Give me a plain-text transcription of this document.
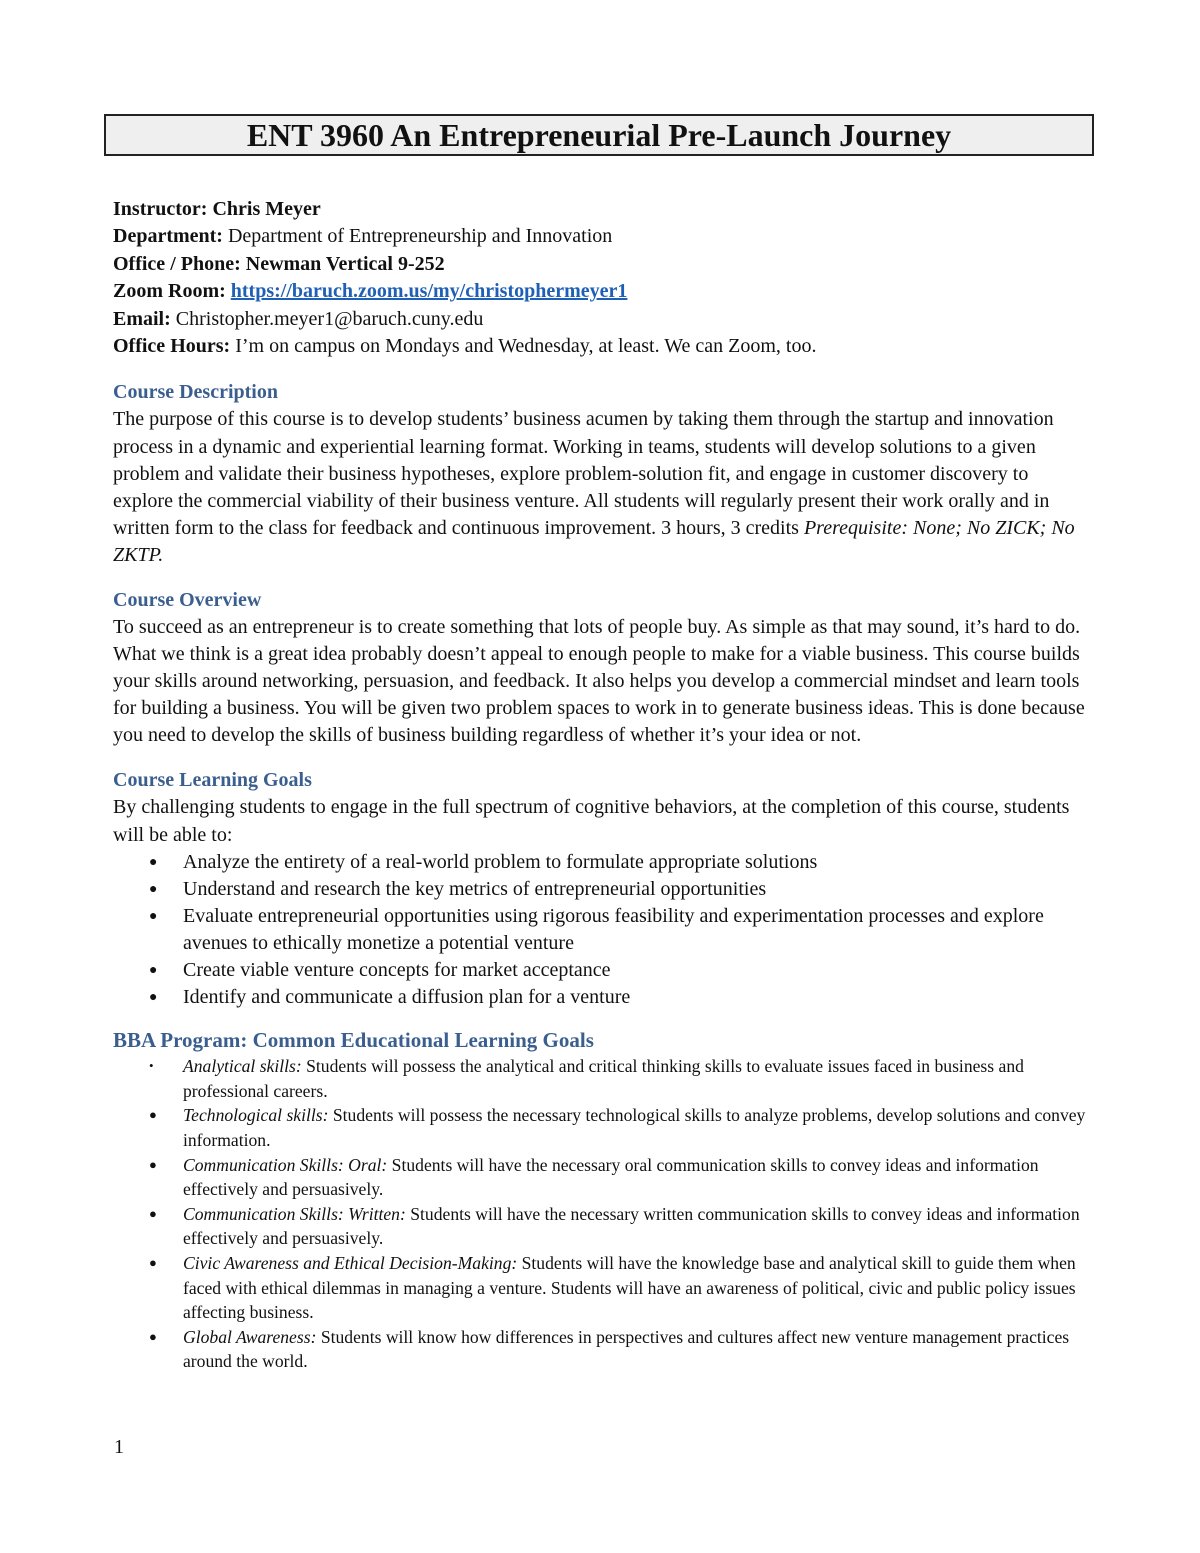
ENT 3960 An Entrepreneurial Pre-Launch Journey
Instructor: Chris Meyer
Department: Department of Entrepreneurship and Innovation
Office / Phone: Newman Vertical 9-252
Zoom Room: https://baruch.zoom.us/my/christophermeyer1
Email: Christopher.meyer1@baruch.cuny.edu
Office Hours: I’m on campus on Mondays and Wednesday, at least. We can Zoom, too.
Course Description

The purpose of this course is to develop students’ business acumen by taking them through the startup and innovation process in a dynamic and experiential learning format. Working in teams, students will develop solutions to a given problem and validate their business hypotheses, explore problem-solution fit, and engage in customer discovery to explore the commercial viability of their business venture. All students will regularly present their work orally and in written form to the class for feedback and continuous improvement. 3 hours, 3 credits Prerequisite: None; No ZICK; No ZKTP.

Course Overview

To succeed as an entrepreneur is to create something that lots of people buy. As simple as that may sound, it’s hard to do. What we think is a great idea probably doesn’t appeal to enough people to make for a viable business. This course builds your skills around networking, persuasion, and feedback. It also helps you develop a commercial mindset and learn tools for building a business. You will be given two problem spaces to work in to generate business ideas. This is done because you need to develop the skills of business building regardless of whether it’s your idea or not.

Course Learning Goals

By challenging students to engage in the full spectrum of cognitive behaviors, at the completion of this course, students will be able to:

● Analyze the entirety of a real-world problem to formulate appropriate solutions
● Understand and research the key metrics of entrepreneurial opportunities
● Evaluate entrepreneurial opportunities using rigorous feasibility and experimentation processes and explore avenues to ethically monetize a potential venture
● Create viable venture concepts for market acceptance
● Identify and communicate a diffusion plan for a venture
BBA Program: Common Educational Learning Goals
• Analytical skills: Students will possess the analytical and critical thinking skills to evaluate issues faced in business and professional careers.
● Technological skills: Students will possess the necessary technological skills to analyze problems, develop solutions and convey information.
● Communication Skills: Oral: Students will have the necessary oral communication skills to convey ideas and information effectively and persuasively.
● Communication Skills: Written: Students will have the necessary written communication skills to convey ideas and information effectively and persuasively.
● Civic Awareness and Ethical Decision-Making: Students will have the knowledge base and analytical skill to guide them when faced with ethical dilemmas in managing a venture. Students will have an awareness of political, civic and public policy issues affecting business.
● Global Awareness: Students will know how differences in perspectives and cultures affect new venture management practices around the world.
1
